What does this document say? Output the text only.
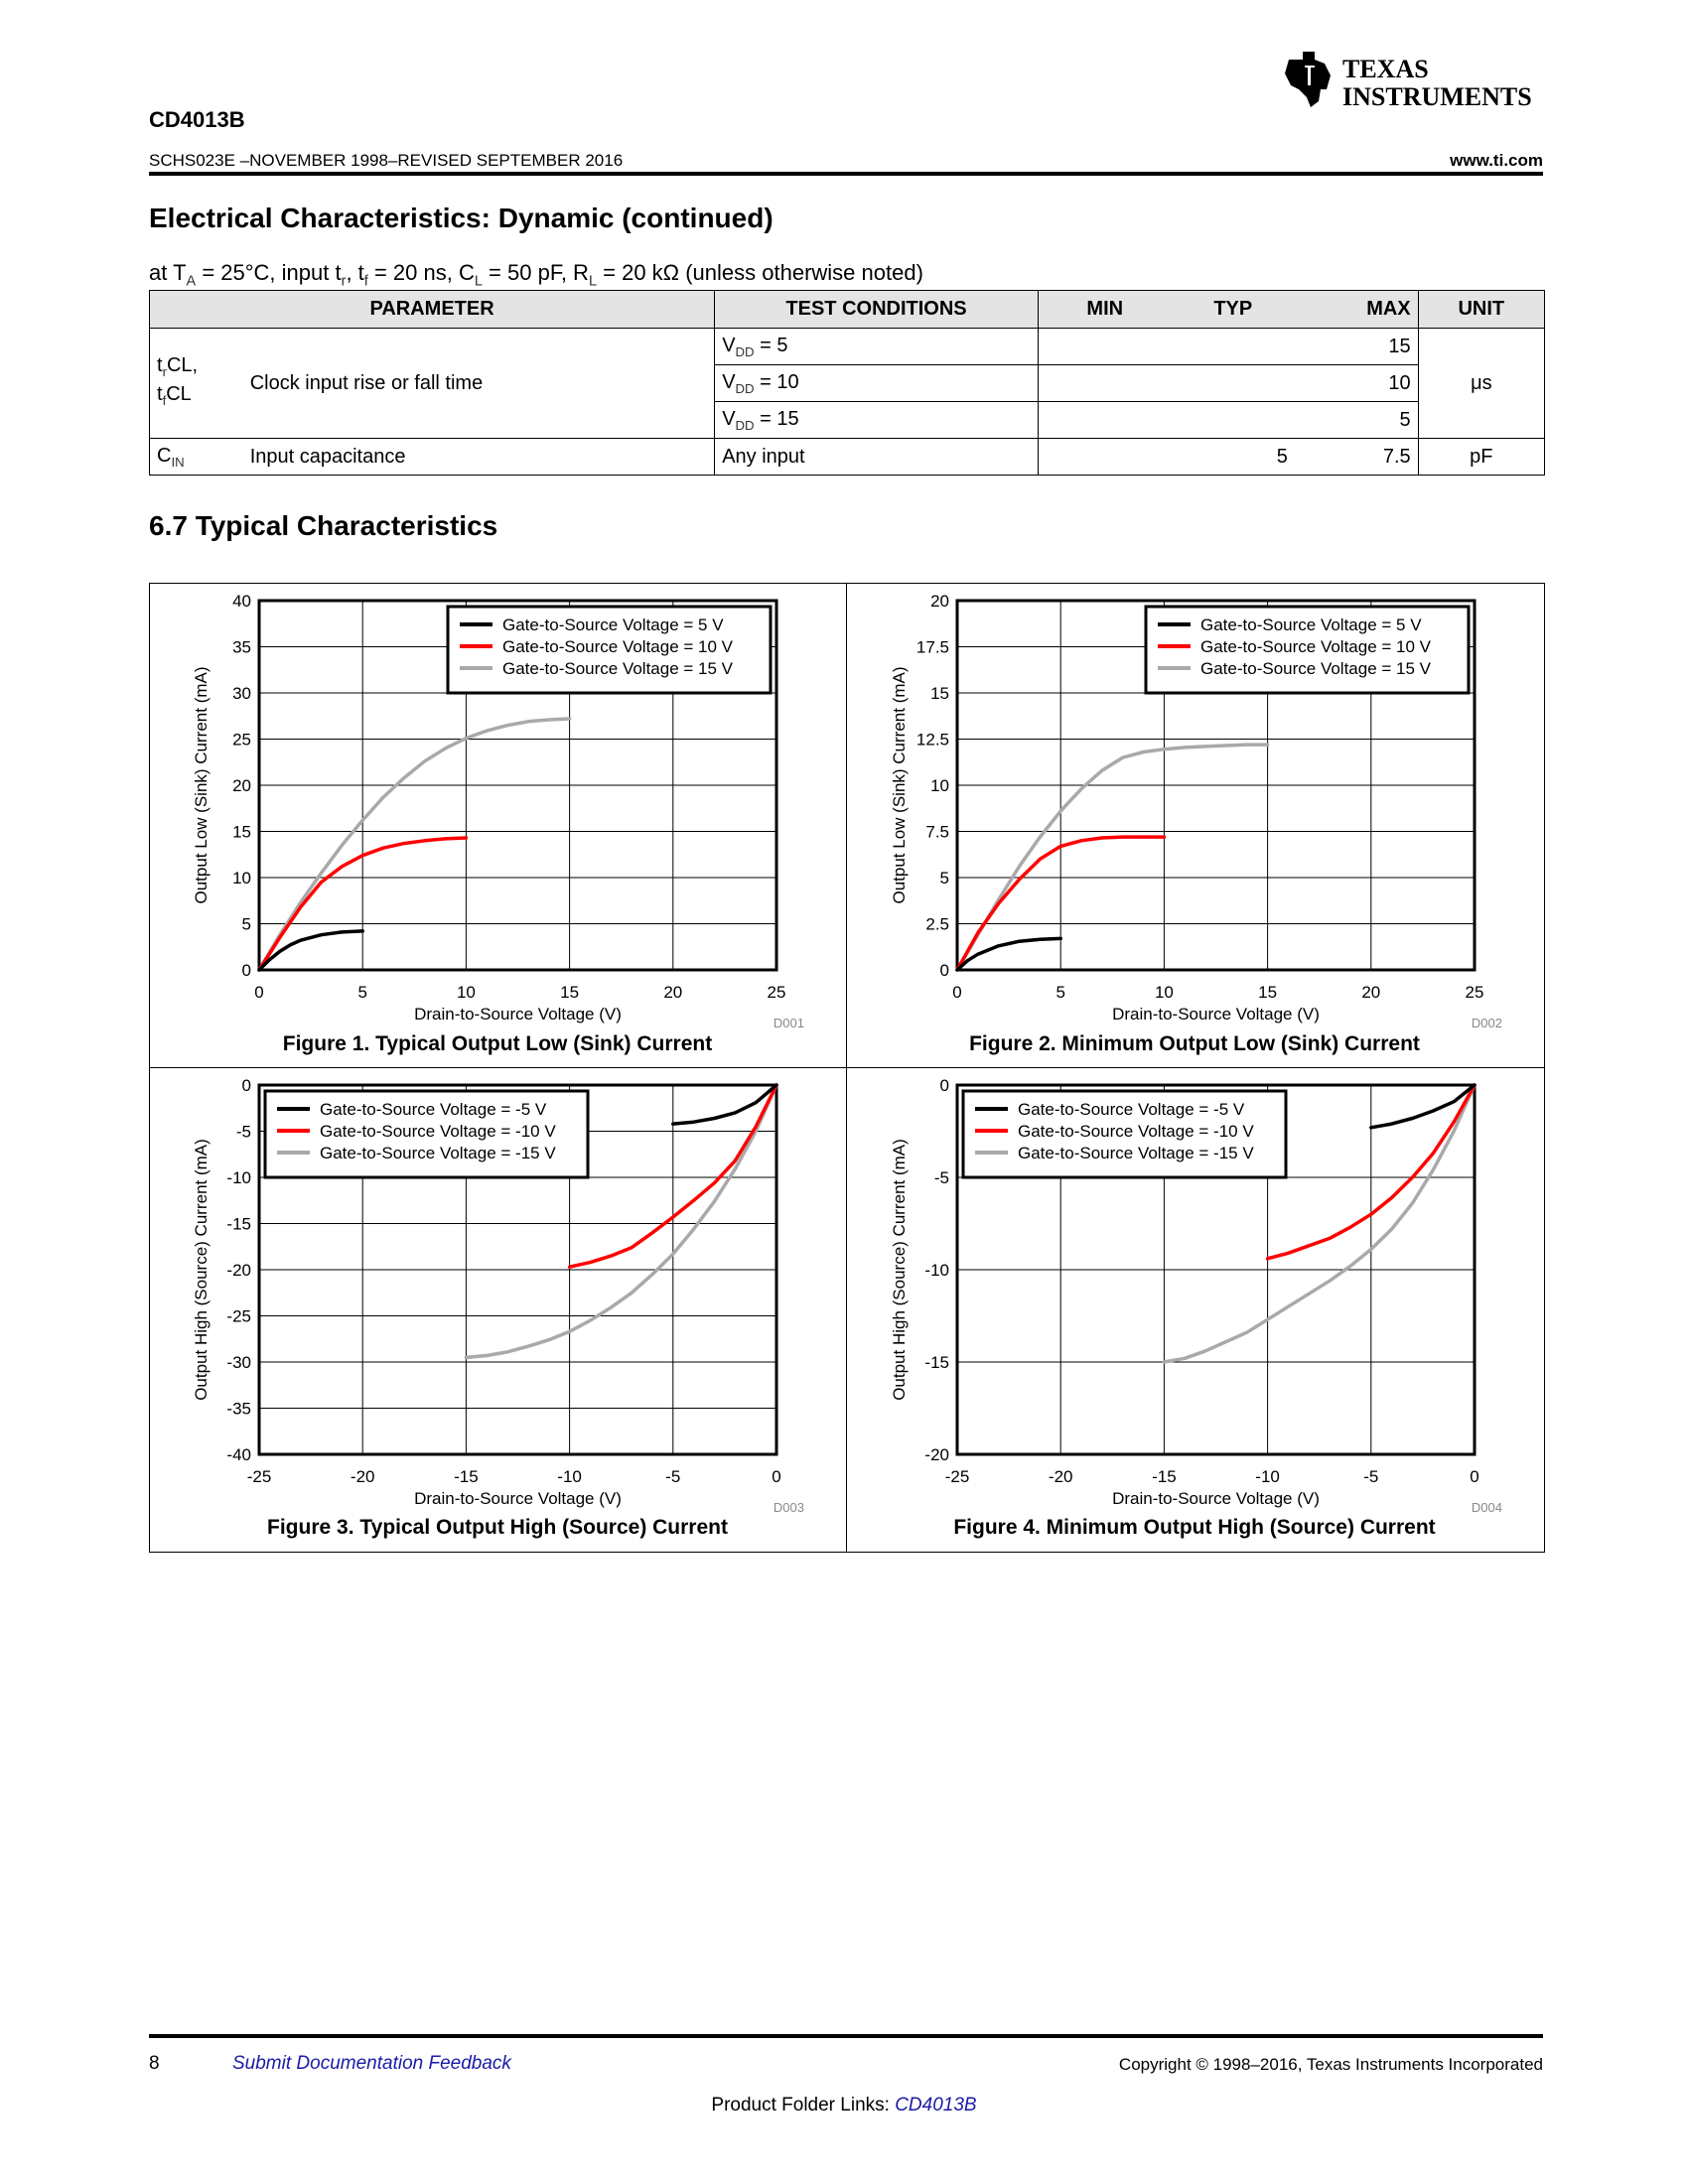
TEXAS
INSTRUMENTS
CD4013B
SCHS023E –NOVEMBER 1998–REVISED SEPTEMBER 2016	www.ti.com
Electrical Characteristics: Dynamic (continued)
at $T_A = 25^\circ C$, input $t_r$, $t_f = 20$ ns, $C_L = 50$ pF, $R_L = 20$ kΩ (unless otherwise noted)
PARAMETER		TEST CONDITIONS	MIN	TYP	MAX	UNIT
$t_rCL$,
$t_fCL$	Clock input rise or fall time	$V_{DD} = 5$			15	μs
		$V_{DD} = 10$			10	
		$V_{DD} = 15$			5	
$C_{IN}$	Input capacitance	Any input		5	7.5	pF
6.7 Typical Characteristics
0	5	10	15	20	25
0
5
10
15
20
25
30
35
40
Gate-to-Source Voltage = 5 V
Gate-to-Source Voltage = 10 V
Gate-to-Source Voltage = 15 V
Drain-to-Source Voltage (V)
Output Low (Sink) Current (mA)
D001
0	5	10	15	20	25
0
2.5
5
7.5
10
12.5
15
17.5
20
Gate-to-Source Voltage = 5 V
Gate-to-Source Voltage = 10 V
Gate-to-Source Voltage = 15 V
Drain-to-Source Voltage (V)
Output Low (Sink) Current (mA)
D002
-25	-20	-15	-10	-5	0
-40
-35
-30
-25
-20
-15
-10
-5
0
Gate-to-Source Voltage = -5 V
Gate-to-Source Voltage = -10 V
Gate-to-Source Voltage = -15 V
Drain-to-Source Voltage (V)
Output High (Source) Current (mA)
D003
-25	-20	-15	-10	-5	0
-20
-15
-10
-5
0
Gate-to-Source Voltage = -5 V
Gate-to-Source Voltage = -10 V
Gate-to-Source Voltage = -15 V
Drain-to-Source Voltage (V)
Output High (Source) Current (mA)
D004
Figure 1. Typical Output Low (Sink) Current	Figure 2. Minimum Output Low (Sink) Current
Figure 3. Typical Output High (Source) Current	Figure 4. Minimum Output High (Source) Current
8	Submit Documentation Feedback	Copyright © 1998–2016, Texas Instruments Incorporated
Product Folder Links: CD4013B
